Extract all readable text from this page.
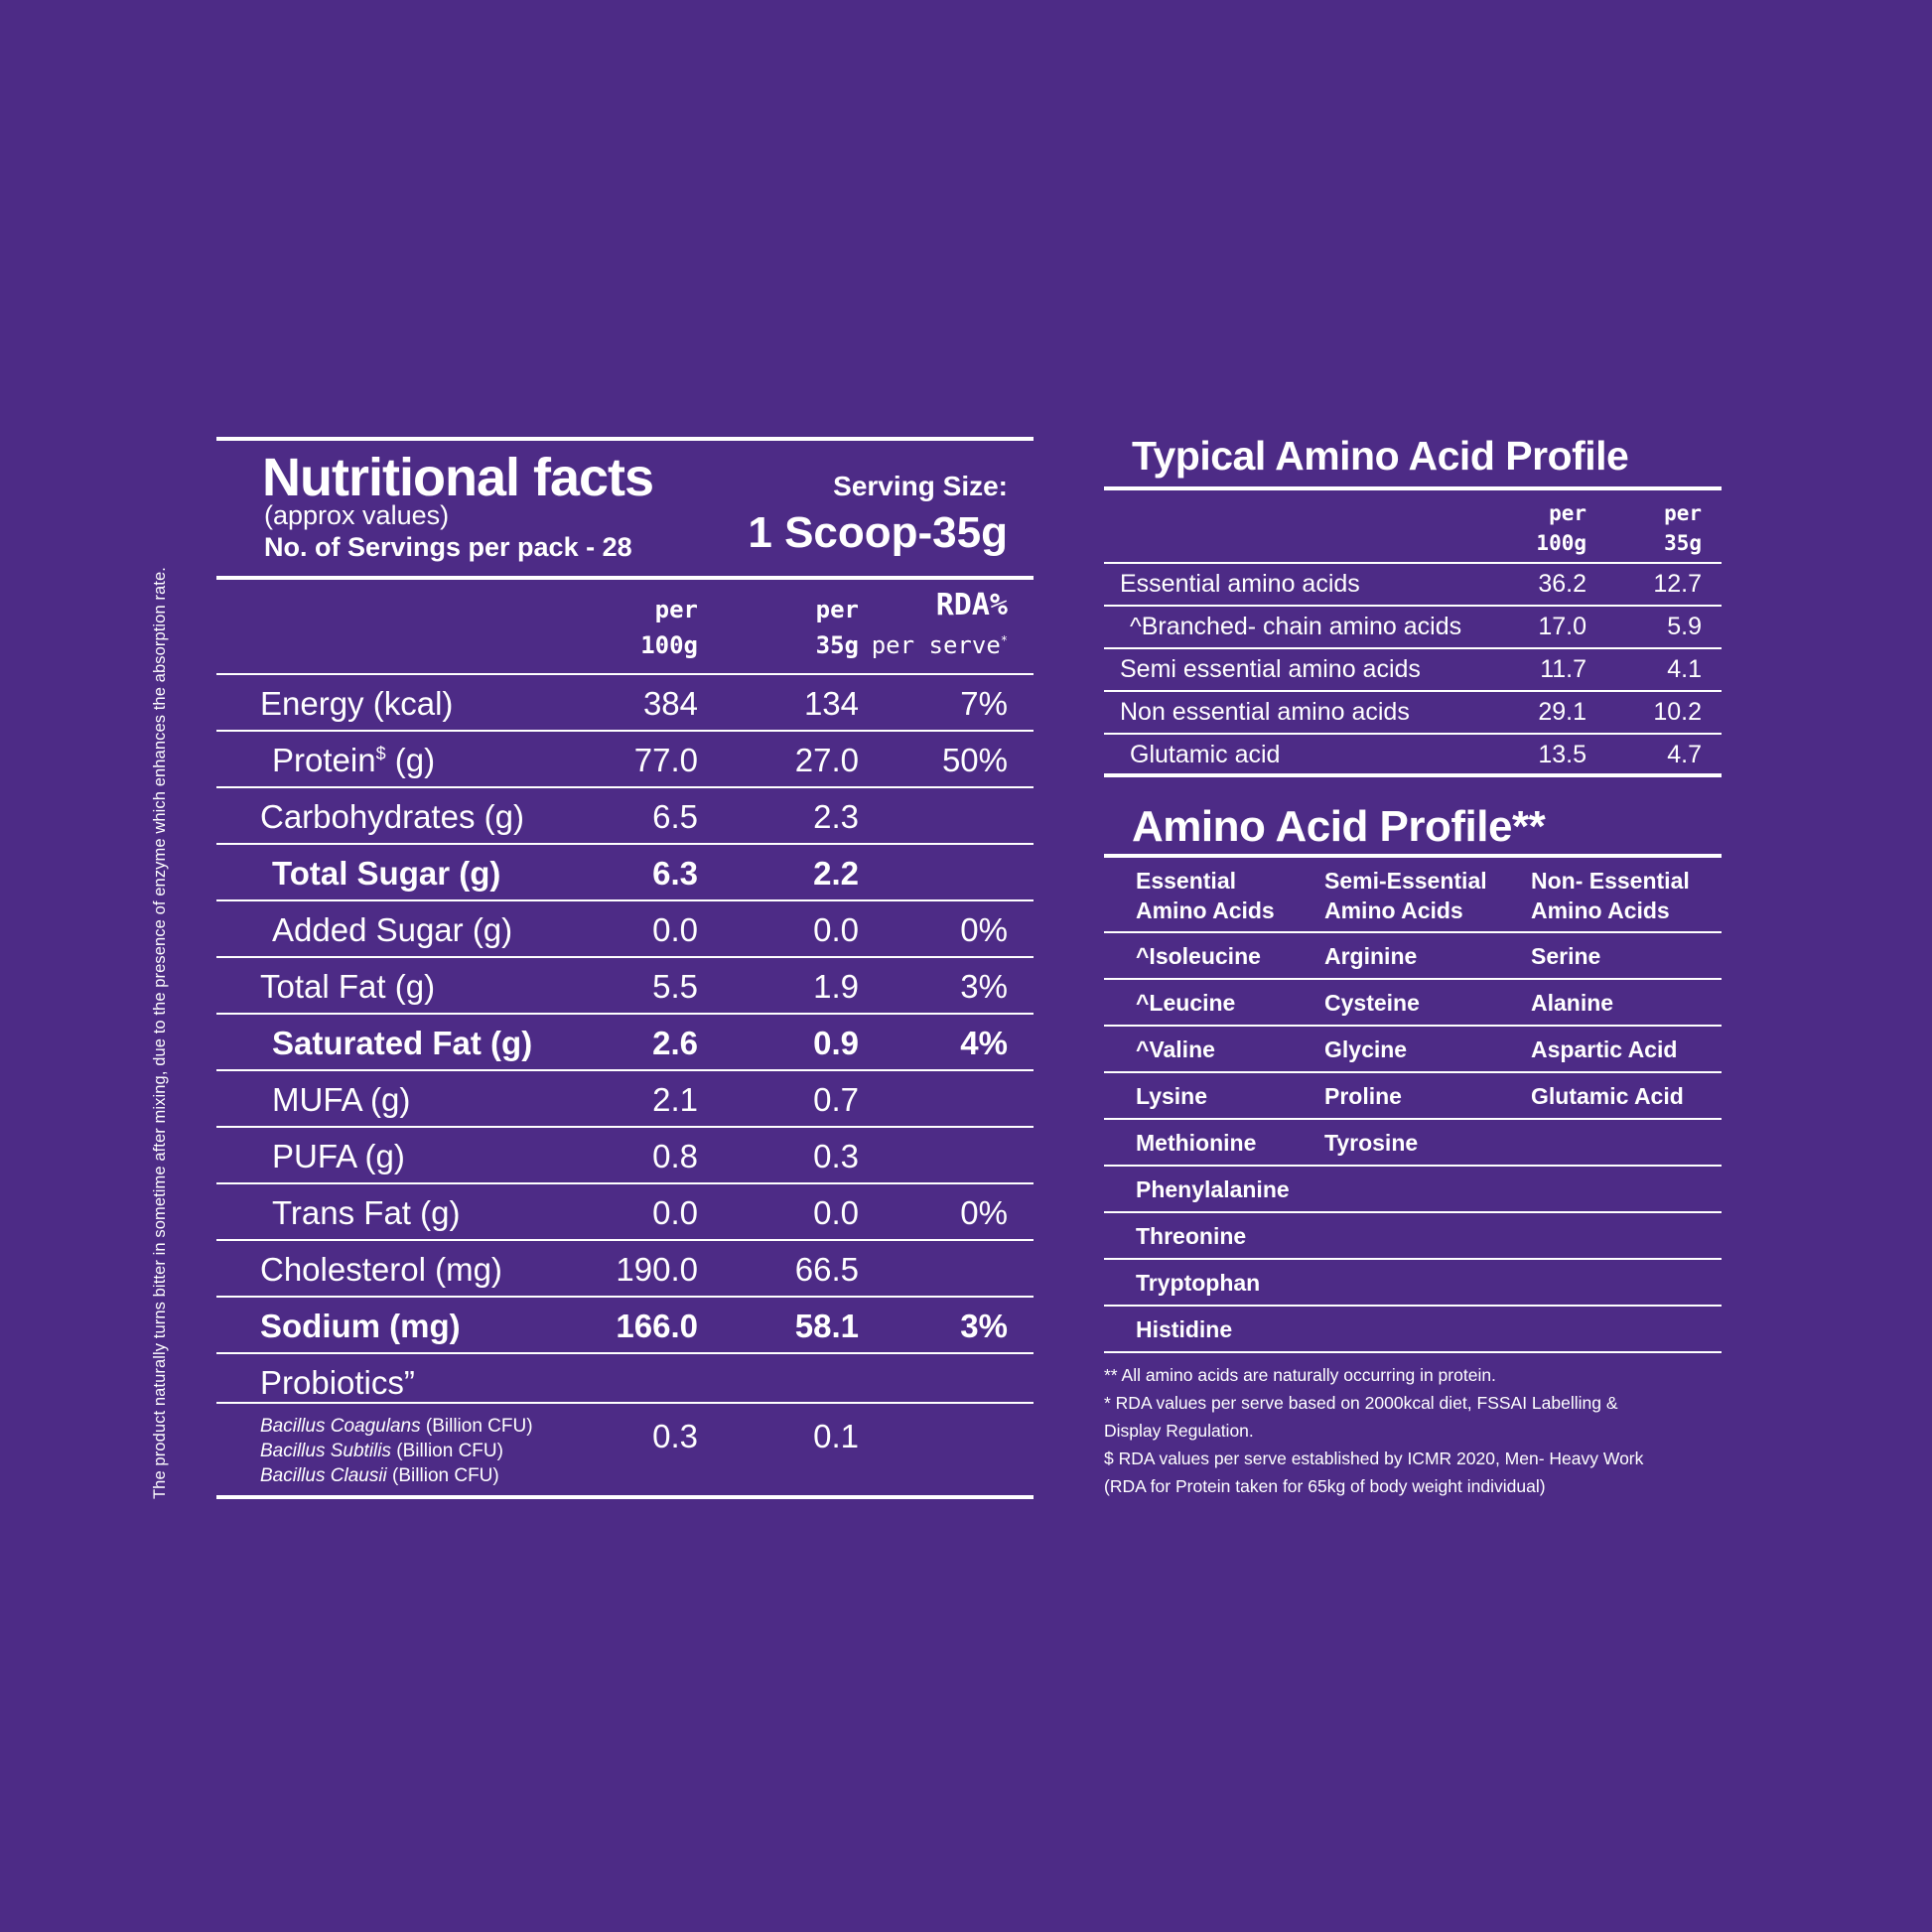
The product naturally turns bitter in sometime after mixing, due to the presence of enzyme which enhances the absorption rate.
Nutritional facts
(approx values)
No. of Servings per pack - 28
Serving Size:
1 Scoop-35g
per
100g
per
35g
RDA%
per serve*
Energy (kcal)	384	134	7%
Protein$ (g)	77.0	27.0	50%
Carbohydrates (g)	6.5	2.3
Total Sugar (g)	6.3	2.2
Added Sugar (g)	0.0	0.0	0%
Total Fat (g)	5.5	1.9	3%
Saturated Fat (g)	2.6	0.9	4%
MUFA (g)	2.1	0.7
PUFA (g)	0.8	0.3
Trans Fat (g)	0.0	0.0	0%
Cholesterol (mg)	190.0	66.5
Sodium (mg)	166.0	58.1	3%
Probiotics”
Bacillus Coagulans (Billion CFU)
Bacillus Subtilis (Billion CFU)
Bacillus Clausii (Billion CFU)
0.3	0.1
Typical Amino Acid Profile
per
100g
per
35g
Essential amino acids	36.2	12.7
^Branched- chain amino acids	17.0	5.9
Semi essential amino acids	11.7	4.1
Non essential amino acids	29.1	10.2
Glutamic acid	13.5	4.7
Amino Acid Profile**
Essential
Amino Acids
Semi-Essential
Amino Acids
Non- Essential
Amino Acids
^Isoleucine	Arginine	Serine
^Leucine	Cysteine	Alanine
^Valine	Glycine	Aspartic Acid
Lysine	Proline	Glutamic Acid
Methionine	Tyrosine
Phenylalanine
Threonine
Tryptophan
Histidine
** All amino acids are naturally occurring in protein.
* RDA values per serve based on 2000kcal diet, FSSAI Labelling &
Display Regulation.
$ RDA values per serve established by ICMR 2020, Men- Heavy Work
(RDA for Protein taken for 65kg of body weight individual)
